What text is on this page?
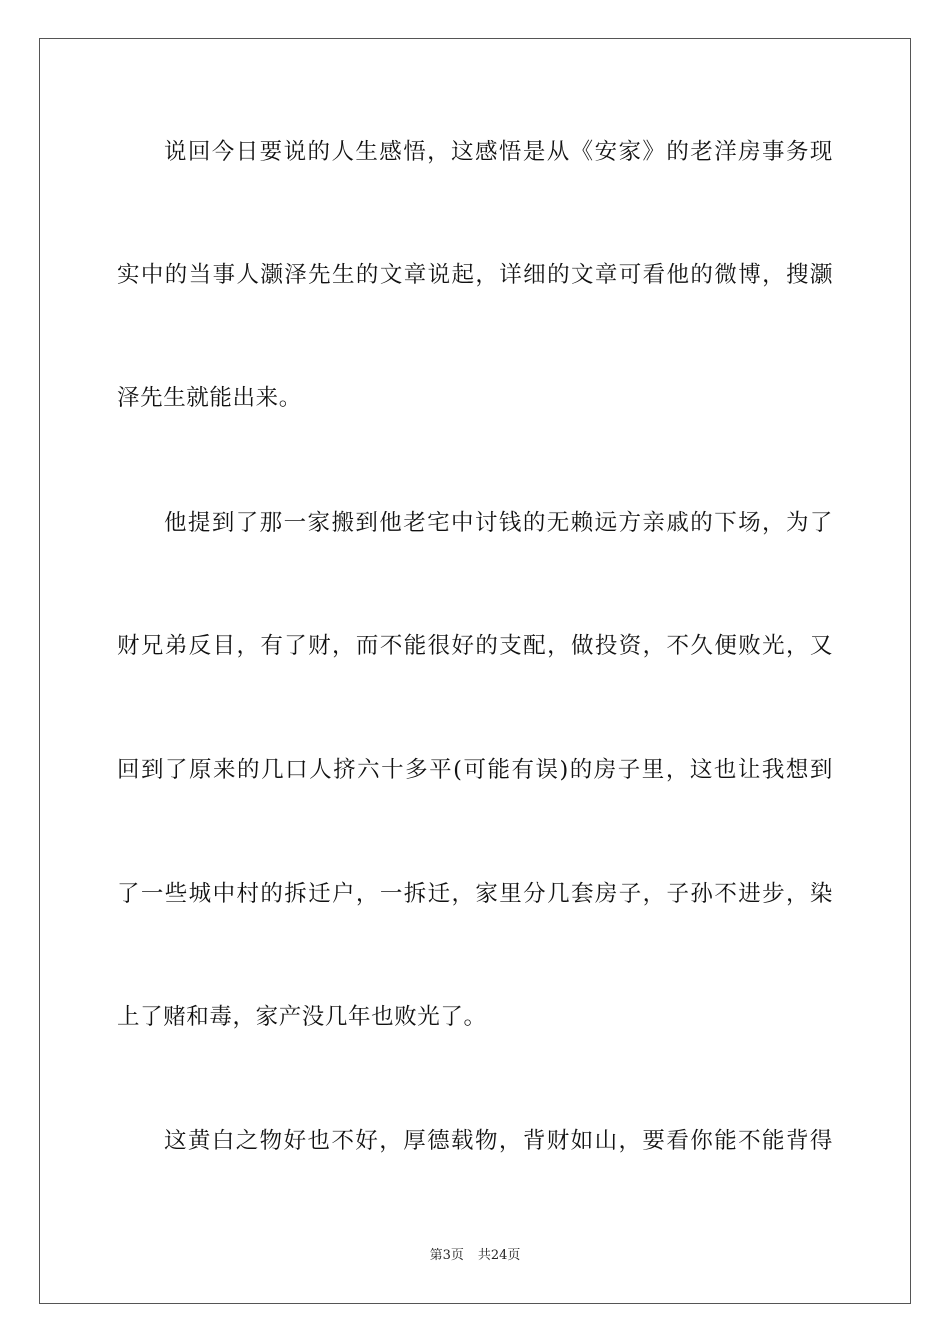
说回今日要说的人生感悟，这感悟是从《安家》的老洋房事务现
实中的当事人灏泽先生的文章说起，详细的文章可看他的微博，搜灏
泽先生就能出来。
他提到了那一家搬到他老宅中讨钱的无赖远方亲戚的下场，为了
财兄弟反目，有了财，而不能很好的支配，做投资，不久便败光，又
回到了原来的几口人挤六十多平(可能有误)的房子里，这也让我想到
了一些城中村的拆迁户，一拆迁，家里分几套房子，子孙不进步，染
上了赌和毒，家产没几年也败光了。
这黄白之物好也不好，厚德载物，背财如山，要看你能不能背得
第3页 共24页
